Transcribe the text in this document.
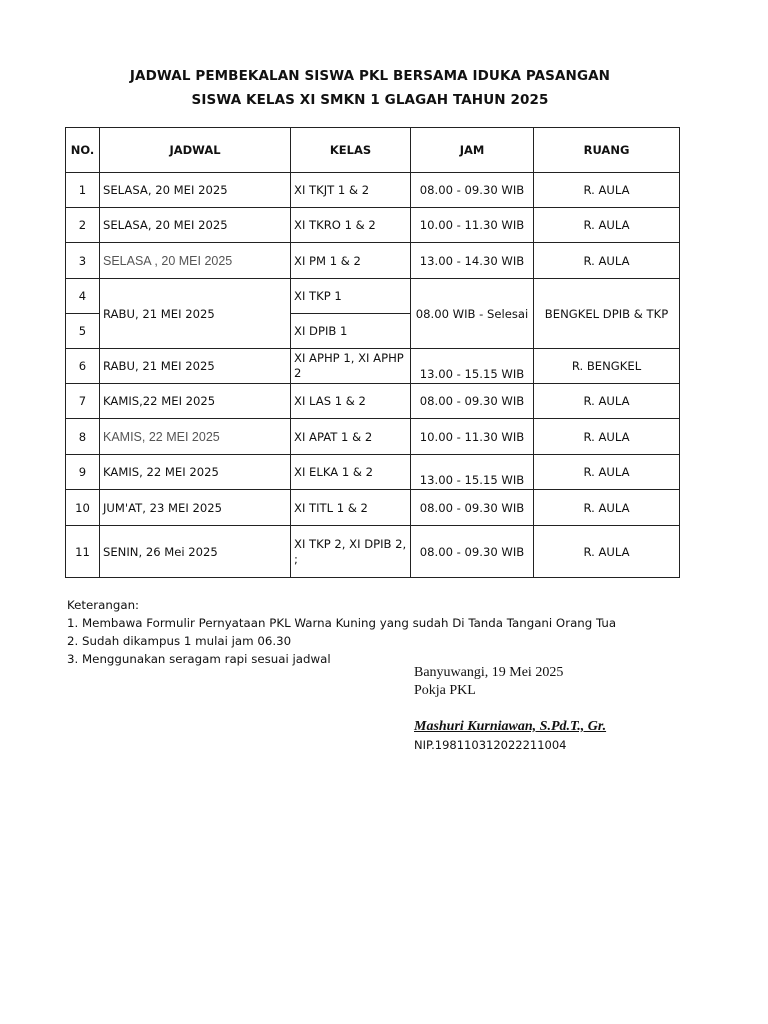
JADWAL PEMBEKALAN SISWA PKL BERSAMA IDUKA PASANGAN
SISWA KELAS XI SMKN 1 GLAGAH TAHUN 2025
NO.	JADWAL	KELAS	JAM	RUANG
1	SELASA, 20 MEI 2025	XI TKJT 1 & 2	08.00 - 09.30 WIB	R. AULA
2	SELASA, 20 MEI 2025	XI TKRO 1 & 2	10.00 - 11.30 WIB	R. AULA
3	SELASA , 20 MEI 2025	XI PM 1 & 2	13.00 - 14.30 WIB	R. AULA
4	RABU, 21 MEI 2025	XI TKP 1	08.00 WIB - Selesai	BENGKEL DPIB & TKP
5		XI DPIB 1		
6	RABU, 21 MEI 2025	XI APHP 1, XI APHP 2	13.00 - 15.15 WIB	R. BENGKEL
7	KAMIS,22 MEI 2025	XI LAS 1 & 2	08.00 - 09.30 WIB	R. AULA
8	KAMIS, 22 MEI 2025	XI APAT 1 & 2	10.00 - 11.30 WIB	R. AULA
9	KAMIS, 22 MEI 2025	XI ELKA 1 & 2	13.00 - 15.15 WIB	R. AULA
10	JUM'AT, 23 MEI 2025	XI TITL 1 & 2	08.00 - 09.30 WIB	R. AULA
11	SENIN, 26 Mei 2025	XI TKP 2, XI DPIB 2, ;	08.00 - 09.30 WIB	R. AULA
Keterangan:
1. Membawa Formulir Pernyataan PKL Warna Kuning yang sudah Di Tanda Tangani Orang Tua
2. Sudah dikampus 1 mulai jam 06.30
3. Menggunakan seragam rapi sesuai jadwal
Banyuwangi, 19 Mei 2025
Pokja PKL
Mashuri Kurniawan, S.Pd.T., Gr.
NIP.198110312022211004
